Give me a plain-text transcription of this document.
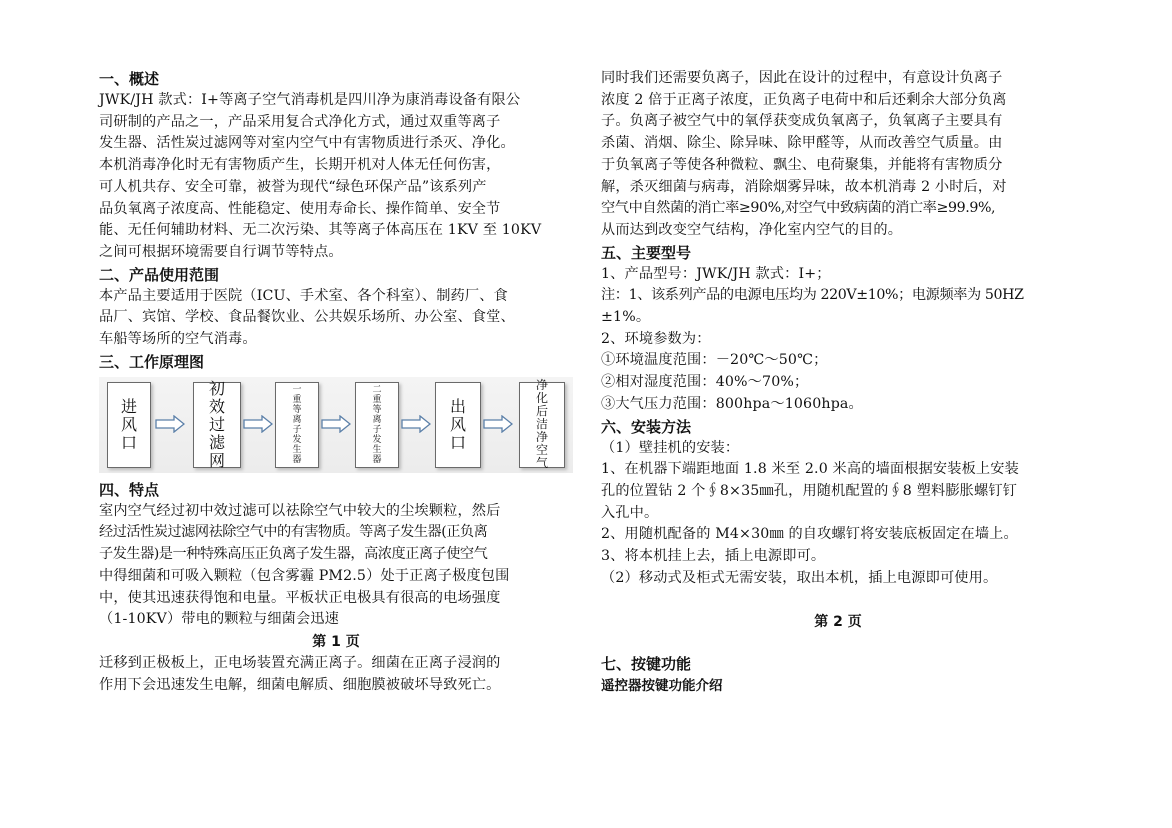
一、概述

JWK/JH 款式：I+等离子空气消毒机是四川净为康消毒设备有限公
司研制的产品之一，产品采用复合式净化方式，通过双重等离子
发生器、活性炭过滤网等对室内空气中有害物质进行杀灭、净化。
本机消毒净化时无有害物质产生，长期开机对人体无任何伤害，
可人机共存、安全可靠，被誉为现代“绿色环保产品”该系列产
品负氧离子浓度高、性能稳定、使用寿命长、操作简单、安全节
能、无任何辅助材料、无二次污染、其等离子体高压在 1KV 至 10KV
之间可根据环境需要自行调节等特点。

二、产品使用范围

本产品主要适用于医院（ICU、手术室、各个科室）、制药厂、食
品厂、宾馆、学校、食品餐饮业、公共娱乐场所、办公室、食堂、
车船等场所的空气消毒。

三、工作原理图

进风口
初效过滤网
一重等离子发生器
二重等离子发生器
出风口
净化后洁净空气

四、特点

室内空气经过初中效过滤可以祛除空气中较大的尘埃颗粒，然后
经过活性炭过滤网祛除空气中的有害物质。等离子发生器(正负离
子发生器)是一种特殊高压正负离子发生器，高浓度正离子使空气
中得细菌和可吸入颗粒（包含雾霾 PM2.5）处于正离子极度包围
中，使其迅速获得饱和电量。平板状正电极具有很高的电场强度
（1-10KV）带电的颗粒与细菌会迅速

第 1 页

迁移到正极板上，正电场装置充满正离子。细菌在正离子浸润的
作用下会迅速发生电解，细菌电解质、细胞膜被破坏导致死亡。
同时我们还需要负离子，因此在设计的过程中，有意设计负离子
浓度 2 倍于正离子浓度，正负离子电荷中和后还剩余大部分负离
子。负离子被空气中的氧俘获变成负氧离子，负氧离子主要具有
杀菌、消烟、除尘、除异味、除甲醛等，从而改善空气质量。由
于负氧离子等使各种微粒、飘尘、电荷聚集，并能将有害物质分
解，杀灭细菌与病毒，消除烟雾异味，故本机消毒 2 小时后，对
空气中自然菌的消亡率≥90%,对空气中致病菌的消亡率≥99.9%,
从而达到改变空气结构，净化室内空气的目的。

五、主要型号

1、产品型号：JWK/JH 款式：I+；
注：1、该系列产品的电源电压均为 220V±10%；电源频率为 50HZ
±1%。
2、环境参数为：
①环境温度范围：－20℃～50℃；
②相对湿度范围：40%～70%；
③大气压力范围：800hpa～1060hpa。

六、安装方法

（1）壁挂机的安装：
1、在机器下端距地面 1.8 米至 2.0 米高的墙面根据安装板上安装
孔的位置钻 2 个∮8×35㎜孔，用随机配置的∮8 塑料膨胀螺钉钉
入孔中。
2、用随机配备的 M4×30㎜ 的自攻螺钉将安装底板固定在墙上。
3、将本机挂上去，插上电源即可。
（2）移动式及柜式无需安装，取出本机，插上电源即可使用。

第 2 页

七、按键功能

遥控器按键功能介绍
